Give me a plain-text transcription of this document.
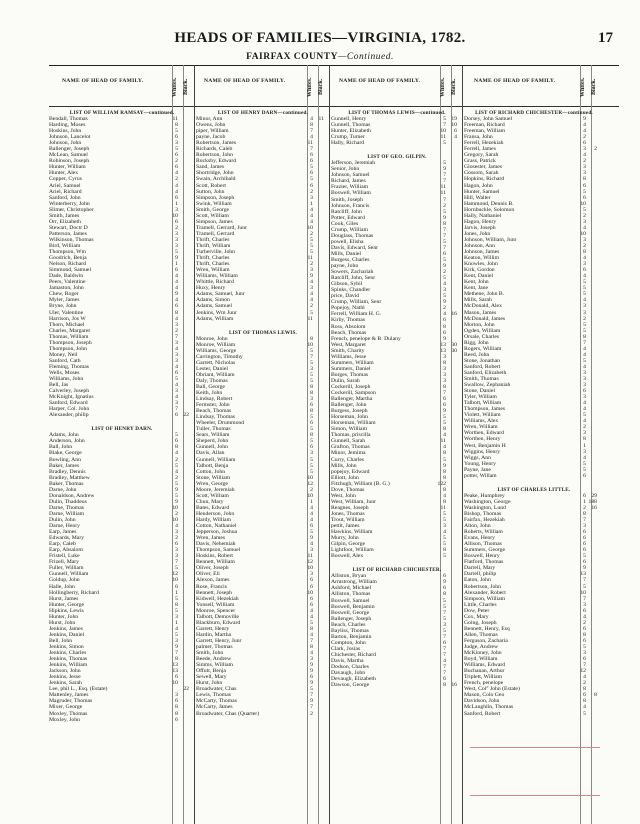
HEADS OF FAMILIES—VIRGINIA, 1782.	17
FAIRFAX COUNTY—Continued.
NAME OF HEAD OF FAMILY.	Whites. Black.	NAME OF HEAD OF FAMILY.	Whites. Black.	NAME OF HEAD OF FAMILY.	Whites. Black.	NAME OF HEAD OF FAMILY.	Whites. Black.
LIST OF WILLIAM RAMSAY—continued.
Bendall, Thomas	11
Harding, Moses	8
Hoskins, John	5
Johnson, Lancelot	6
Johnson, John	3
Ballenger, Joseph	5
McLean, Samuel	6
Robinson, Joseph	2
Hunter, William	6
Hunter, Alex	4
Copper, Cyrus	2
Ariel, Samuel	4
Ariel, Richard	4
Sanford, John	6
Winterberry, John	1
Slimer, Christopher	3
Smith, James	10
Orr, Elizabeth	6
Stewart, Doctr D	2
Patterson, James	3
Wilkinson, Thomas	3
Bird, William	3
Thompson, Wm	5
Goodrich, Benja	9
Nelson, Richard	1
Simmond, Samuel	6
Dade, Baldwin	4
Peers, Valentine	4
Jamaston, John	4
Chew, Roger	9
Myler, James	4
Bryne, John	6
Uler, Valentine	8
Harrison, Jos W	4
Thorn, Michael	3
Charles, Margaret	2
Thomas, William	7
Thompson, Joseph	3
Thompson, John	4
Money, Neil	3
Sanford, Cath	3
Fleming, Thomas	4
Wells, Moses	6
Williams, John	5
Bell, Jas	4
Calverley, Joseph	3
McKnight, Ignatius	4
Sanford, Edward	3
Harper, Col. John	7
Alexander, philip	6 22
LIST OF HENRY DARN.
Adams, John	5
Anderson, John	6
Ball, John	8
Blake, George	4
Bowling, Ann	2
Baker, James	5
Bradley, Dennis	4
Bradley, Matthew	2
Baker, Thomas	5
Darne, John	9
Donaldson, Andrew	5
Dulin, Thaddeus	9
Darne, Thomas	10
Darne, William	2
Dulin, John	10
Darne, Henry	4
Earp, James	3
Edwards, Mary	2
Earp, Caleb	6
Earp, Absalom	3
Fristell, Luke	3
Frizell, Mary	7
Fuller, William	5
Gunnell, William	12
Goldup, John	10
Halle, John	6
Hollingberry, Richard	1
Hurst, James	5
Hunter, George	8
Hipkins, Lewis	5
Hunter, John	3
Hurst, John	1
Jenkins, James	4
Jenkins, Daniel	5
Bell, John	3
Jenkins, Simon	9
Jenkins, Charles	7
Jenkins, Thomas	8
Jenkins, William	13
Jackson, John	13
Jenkins, Jesse	6
Jenkins, Sarah	10
Lee, phil L., Esq. (Estate)	22
Mattenley, James	3
Magruder, Thomas	6
Mixer, George	8
Moxley, Thomas	8
Moxley, John	6
LIST OF HENRY DARN—continued.
Minor, Ann	4 11
Owens, John	8
piper, William	7
payne, Jacob	4
Robertson, James	11
Richards, Caleb	7
Robertson, John	6
Rucksby, Edward	6
Sand, James	5
Shortridge, John	6
Swain, Archibald	5
Scott, Robert	6
Sutton, John	2
Simpson, Joseph	3
Swink, William	1
Smith, George	4
Scott, William	4
Simpson, James	4
Tramell, Gerrard, Junr	10
Tramell, Gerrard	2
Thrift, Charles	5
Thrift, William	5
Turberville, John	5
Thrift, Charles	11
Thrift, Charles	2
Wren, William	3
Williams, William	9
Whittle, Richard	4
Huxy, Henry	3
Adams, Samuel, Junr	4
Adams, Simon	4
Adams, Samuel	2
Jenkins, Wm Junr	5
Adams, William	11
LIST OF THOMAS LEWIS.
Monroe, John	8
Monroe, William	10
Williams, George	5
Carrington, Timothy	7
Garrett, Nicholas	5
Lester, Daniel	3
Obriant, William	5
Daly, Thomas	5
Ball, George	8
Keith, John	8
Lindsay, Robert	3
Fermster, John	6
Beach, Thomas	8
Lindsay, Thomas	5
Wheeler, Drummond	6
Tuller, Thomas	5
Sears, William	8
Sheperd, John	5
Gunnell, John	6
Davis, Allan	3
Gunnell, William	5
Talbott, Benja	5
Cotton, John	5
Stone, William	10
Wren, George	12
Moore, Jeremiah	2
Scott, William	10
Chun, Mary	1
Bates, Edward	4
Henderson, John	4
Hardy, William	4
Cotton, Nathaniel	6
Jepperson, Joshua	5
Wren, James	9
Davis, Nehemiah	4
Thompson, Samuel	3
Hoskins, Robert	11
Bennett, William	12
Oliver, Joseph	10
Oliver, Eli	3
Alexon, James	6
Rose, Francis	6
Bennett, Joseph	10
Kidwell, Hezekiah	6
Yonsell, William	6
Monroe, Spencer	4
Talbott, Demoville	4
Blackburn, Edward	5
Garrett, Henry	8
Hardin, Martha	4
Garrett, Henry, Junr	7
palmer, Thomas	8
Smith, John	4
Beede, Andrew	3
Simms, William	9
Offutt, Benja	9
Sewell, Mary	6
Hurst, John	9
Broadwater, Chas	5
Lewis, Thomas	7
McCarty, Thomas	9
McCarty, James	7
Broadwater, Chas (Quarter)	2
LIST OF THOMAS LEWIS—continued.
Gunnell, Henry	5 19
Gunnell, Thomas	7 10
Hunter, Elizabeth	10	6
Crump, Turner	11	4
Hally, Richard	5
LIST OF GEO. GILPIN.
Jefferson, Jeremiah	5
Senior, John	9
Johnson, Samuel	7
Richard, James	7
Frazier, William	11
Boswell, William	11
Smith, Joseph	7
Johnson, Francis	2
Ratcliff, John	5
Potter, Edward	9
Cook, Giles	8
Crump, William	7
Douglass, Thomas	7
powell, Elisha	5
Davis, Edward, Senr	7
Mills, Daniel	6
Burgess, Charles	5
payne, John	9
Sowers, Zachariah	2
Ratcliff, John, Senr	5
Gibson, Sybil	4
Spinks, Chandler	3
price, David	5
Crump, William, Senr	9
Popejoy, Nathl	2
Ferrell, William H. G.	4 16
Kirby, Thomas	6
Ross, Absolom	8
Beach, Thomas	6
French, penelope & B. Dulany	9
West, Margaret	13 30
Smith, Charity	13 30
Williams, Jesse	3
Summers, William	8
Summers, Daniel	3
Burges, Thomas	3
Dulin, Sarah	3
Cockerill, Joseph	8
Cockerill, Sampson	7
Ballenger, Martha	6
Ballenger, John	6
Burgess, Joseph	9
Horseman, John	5
Horseman, William	5
Simon, William	8
Thomas, priscilla	4
Gunnell, Sarah	11
Grafton, Thomas	4
Minor, Jemima	8
Curry, Charles	5
Mills, John	9
popejoy, Edward	8
Elliott, John	8
Fitzhugh, William (B. G.)	122
Dove, Thomas	8
West, John	4
West, William, Junr	8
Reagnes, Joseph	11
Jones, Thomas	5
Trout, William	5
pettit, James	3
Hawkins, William	4
Murry, John	5
Gilpin, George	5
Lightfoot, William	8
Boswell, Alex	5
LIST OF RICHARD CHICHESTER.
Alliston, Bryan	6
Armstrong, William	9
Ashford, Michael	6
Alliston, Thomas	8
Boswell, Samuel	5
Boswell, Benjamin	5
Boswell, George	7
Ballenger, Joseph	5
Beach, Charles	3
Bayliss, Thomas	5
Barton, Benjamin	7
Compton, John	6
Clark, Josias	7
Chichester, Richard	7
Davis, Martha	4
Dodson, Charles	7
Davaugh, John	7
Devaugh, Elizabeth	6
Dawson, George	8 16
LIST OF RICHARD CHICHESTER—continued.
Dorsey, John Samuel	9
Freeman, Richard	4
Freeman, William	4
Fransa, John	2
Ferrell, Hezekiah	6
Ferrell, James	3	2
Gregory, Sarah	4
Grass, Patrick	2
Glosester, James	3
Gossom, Sarah	3
Hopkins, Richard	8
Hagon, John	6
Hunter, Samuel	5
Hill, Walter	6
Hammond, Dennis B.	10
Hornbuckle, Solomon	5
Hally, Nathaniel	2
Hagon, Henry	3
Jarvis, Joseph	4
Jones, John	10
Johnson, William, Junr	3
Johnson, Ann	2
Johnson, James	8
Keaton, Willim	4
Knowles, John	3
Kirk, Gordon	6
Kent, Daniel	4
Kent, John	5
Kent, Jane	5
Methene, John B.	5
Mills, Sarah	4
McDonald, Alex	3
Mason, James	3
McDonald, James	2
Morton, John	5
Ogden, William	5
Orsale, Charles	8
Rigg, John	7
Rogers, William	4
Reed, John	4
Stone, Jonathan	5
Sanford, Robert	4
Sanford, Elizabeth	3
Smith, Thomas	3
Swallow, Zephaniah	3
Stone, Daniel	6
Tyler, William	3
Talbott, William	4
Thompson, James	4
Violett, William	5
Williams, Alex	4
Wren, William	2
Worthen, Edward	3
Worthen, Henry	8
West, Benjamin H	1
Wiggins, Henry	3
Wiggs, Ann	4
Young, Henry	5
Payne, Jane	5
potter, Willam	6
LIST OF CHARLES LITTLE.
Peake, Humphrey	6 29
Washington, George	1 188
Washington, Lund	2 16
Bishop, Thomas	8
Fairfax, Hezekiah	7
Alton, John	3
Roberts, William	6
Evans, Henry	6
Allison, Thomas	6
Summers, George	6
Boswell, Henry	5
Flatford, Thomas	6
Darrell, Mary	9
Darrell, philip	13
Eaton, John	7
Robertson, John	5
Alexander, Robert	10
Simpson, William	7
Little, Charles	3
Dow, Peter	6
Cox, Mary	4
Going, Joseph	2
Bennett, Henry, Esq	6
Allen, Thomas	8
Ferguson, Zacharia	6
Judge, Andrew	5
McKinney, John	3
Boyd, William	6
Williams, Edward	7
Buchanan, Arthur	12
Triplett, William	4
French, penelope	2
West, Col° John (Estate)	8
Mason, Colo Geo	6	8
Davidson, John	8
McLaughlin, Thomas	4
Sanford, Robert	5
